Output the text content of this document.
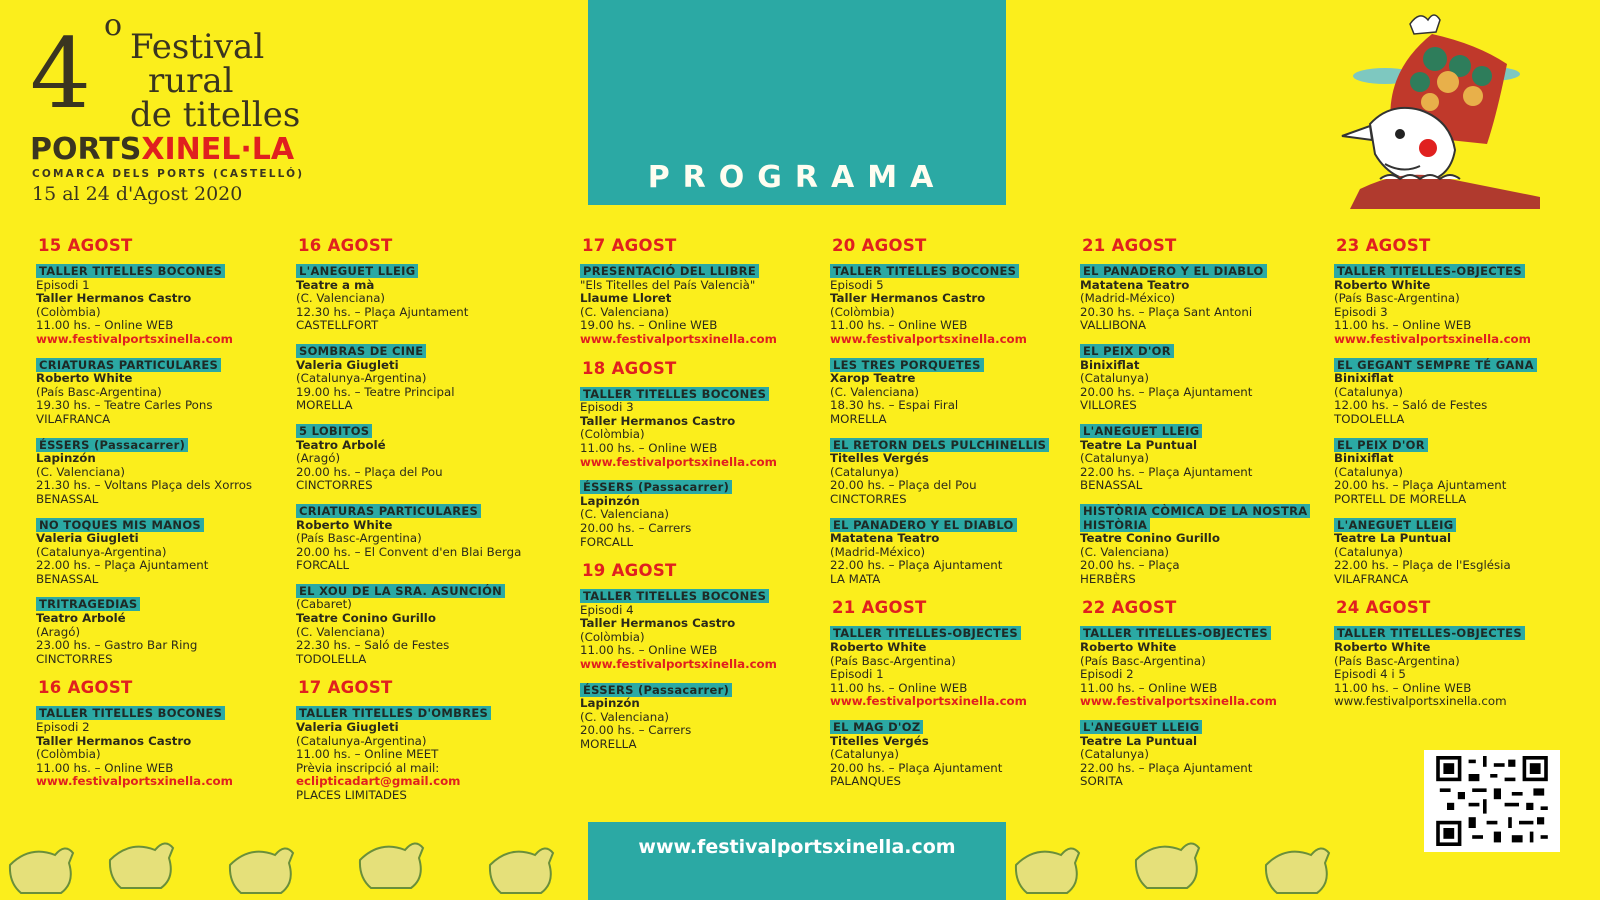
4 o
Festival
rural
de titelles
PORTSXINEL·LA
COMARCA DELS PORTS (CASTELLÓ)
15 al 24 d'Agost 2020	PROGRAMA
15 AGOST
TALLER TITELLES BOCONES
Episodi 1
Taller Hermanos Castro
(Colòmbia)
11.00 hs. – Online WEB
www.festivalportsxinella.com
CRIATURAS PARTICULARES
Roberto White
(País Basc-Argentina)
19.30 hs. – Teatre Carles Pons
VILAFRANCA
ÉSSERS (Passacarrer)
Lapinzón
(C. Valenciana)
21.30 hs. – Voltans Plaça dels Xorros
BENASSAL
NO TOQUES MIS MANOS
Valeria Giugleti
(Catalunya-Argentina)
22.00 hs. – Plaça Ajuntament
BENASSAL
TRITRAGEDIAS
Teatro Arbolé
(Aragó)
23.00 hs. – Gastro Bar Ring
CINCTORRES
16 AGOST
TALLER TITELLES BOCONES
Episodi 2
Taller Hermanos Castro
(Colòmbia)
11.00 hs. – Online WEB
www.festivalportsxinella.com
16 AGOST
L'ANEGUET LLEIG
Teatre a mà
(C. Valenciana)
12.30 hs. – Plaça Ajuntament
CASTELLFORT
SOMBRAS DE CINE
Valeria Giugleti
(Catalunya-Argentina)
19.00 hs. – Teatre Principal
MORELLA
5 LOBITOS
Teatro Arbolé
(Aragó)
20.00 hs. – Plaça del Pou
CINCTORRES
CRIATURAS PARTICULARES
Roberto White
(País Basc-Argentina)
20.00 hs. – El Convent d'en Blai Berga
FORCALL
EL XOU DE LA SRA. ASUNCIÓN
(Cabaret)
Teatre Conino Gurillo
(C. Valenciana)
22.30 hs. – Saló de Festes
TODOLELLA
17 AGOST
TALLER TITELLES D'OMBRES
Valeria Giugleti
(Catalunya-Argentina)
11.00 hs. – Online MEET
Prèvia inscripció al mail:
eclipticadart@gmail.com
PLACES LIMITADES
17 AGOST
PRESENTACIÓ DEL LLIBRE
"Els Titelles del País Valencià"
Llaume Lloret
(C. Valenciana)
19.00 hs. – Online WEB
www.festivalportsxinella.com
18 AGOST
TALLER TITELLES BOCONES
Episodi 3
Taller Hermanos Castro
(Colòmbia)
11.00 hs. – Online WEB
www.festivalportsxinella.com
ÉSSERS (Passacarrer)
Lapinzón
(C. Valenciana)
20.00 hs. – Carrers
FORCALL
19 AGOST
TALLER TITELLES BOCONES
Episodi 4
Taller Hermanos Castro
(Colòmbia)
11.00 hs. – Online WEB
www.festivalportsxinella.com
ÉSSERS (Passacarrer)
Lapinzón
(C. Valenciana)
20.00 hs. – Carrers
MORELLA
20 AGOST
TALLER TITELLES BOCONES
Episodi 5
Taller Hermanos Castro
(Colòmbia)
11.00 hs. – Online WEB
www.festivalportsxinella.com
LES TRES PORQUETES
Xarop Teatre
(C. Valenciana)
18.30 hs. – Espai Firal
MORELLA
EL RETORN DELS PULCHINELLIS
Titelles Vergés
(Catalunya)
20.00 hs. – Plaça del Pou
CINCTORRES
EL PANADERO Y EL DIABLO
Matatena Teatro
(Madrid-México)
22.00 hs. – Plaça Ajuntament
LA MATA
21 AGOST
TALLER TITELLES-OBJECTES
Roberto White
(País Basc-Argentina)
Episodi 1
11.00 hs. – Online WEB
www.festivalportsxinella.com
EL MAG D'OZ
Titelles Vergés
(Catalunya)
20.00 hs. – Plaça Ajuntament
PALANQUES
21 AGOST
EL PANADERO Y EL DIABLO
Matatena Teatro
(Madrid-México)
20.30 hs. – Plaça Sant Antoni
VALLIBONA
EL PEIX D'OR
Binixiflat
(Catalunya)
20.00 hs. – Plaça Ajuntament
VILLORES
L'ANEGUET LLEIG
Teatre La Puntual
(Catalunya)
22.00 hs. – Plaça Ajuntament
BENASSAL
HISTÒRIA CÒMICA DE LA NOSTRA HISTÒRIA
Teatre Conino Gurillo
(C. Valenciana)
20.00 hs. – Plaça
HERBÈRS
22 AGOST
TALLER TITELLES-OBJECTES
Roberto White
(País Basc-Argentina)
Episodi 2
11.00 hs. – Online WEB
www.festivalportsxinella.com
L'ANEGUET LLEIG
Teatre La Puntual
(Catalunya)
22.00 hs. – Plaça Ajuntament
SORITA
23 AGOST
TALLER TITELLES-OBJECTES
Roberto White
(País Basc-Argentina)
Episodi 3
11.00 hs. – Online WEB
www.festivalportsxinella.com
EL GEGANT SEMPRE TÉ GANA
Binixiflat
(Catalunya)
12.00 hs. – Saló de Festes
TODOLELLA
EL PEIX D'OR
Binixiflat
(Catalunya)
20.00 hs. – Plaça Ajuntament
PORTELL DE MORELLA
L'ANEGUET LLEIG
Teatre La Puntual
(Catalunya)
22.00 hs. – Plaça de l'Església
VILAFRANCA
24 AGOST
TALLER TITELLES-OBJECTES
Roberto White
(País Basc-Argentina)
Episodi 4 i 5
11.00 hs. – Online WEB
www.festivalportsxinella.com
www.festivalportsxinella.com
